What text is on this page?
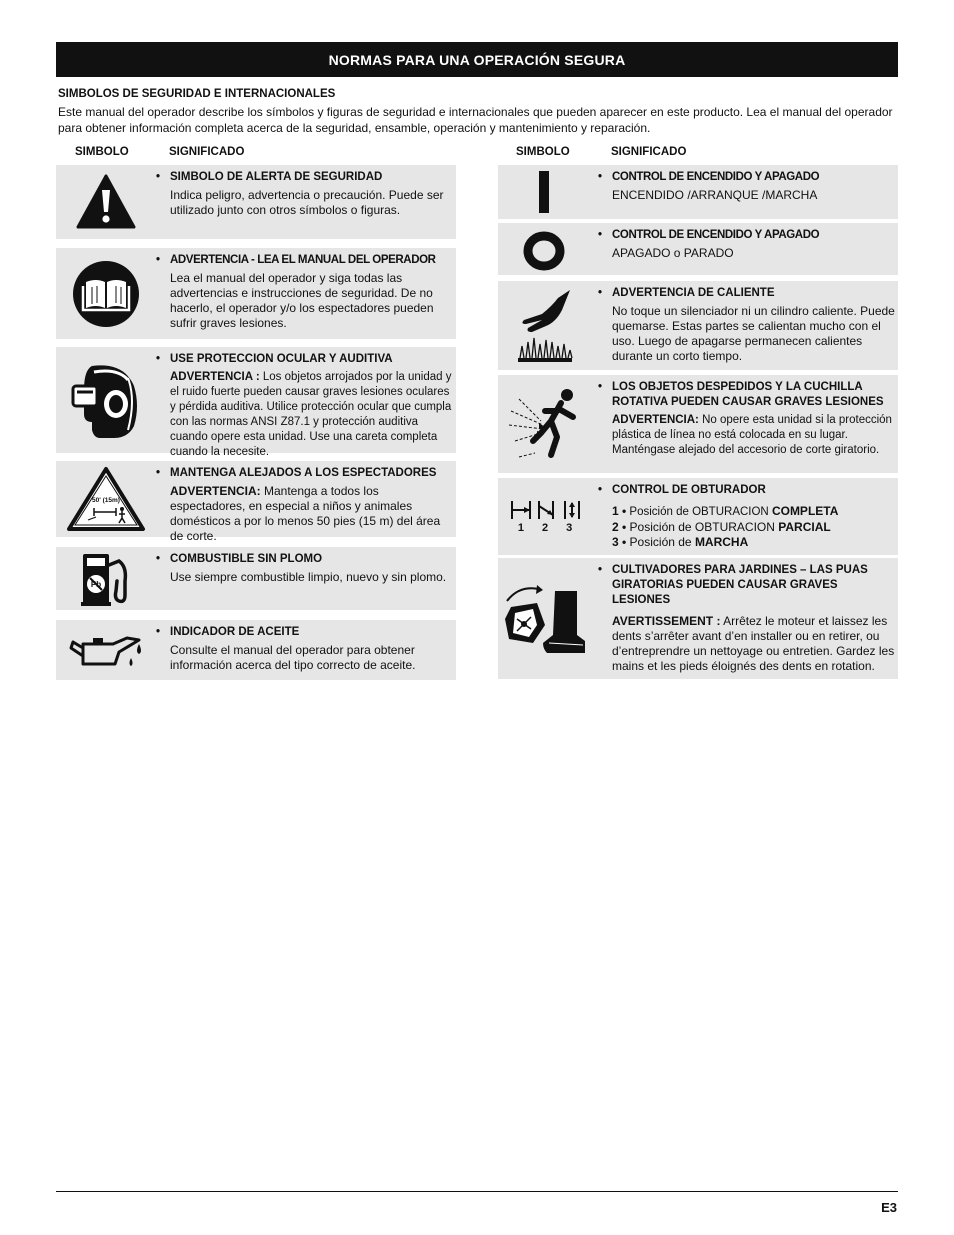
NORMAS PARA UNA OPERACIÓN SEGURA
SIMBOLOS DE SEGURIDAD E INTERNACIONALES
Este manual del operador describe los símbolos y figuras de seguridad e internacionales que pueden aparecer en este producto. Lea el manual del operador para obtener información completa acerca de la seguridad, ensamble, operación y mantenimiento y reparación.
SIMBOLO	SIGNIFICADO	SIMBOLO	SIGNIFICADO
• SIMBOLO DE ALERTA DE SEGURIDAD
Indica peligro, advertencia o precaución. Puede ser utilizado junto con otros símbolos o figuras.
• ADVERTENCIA - LEA EL MANUAL DEL OPERADOR
Lea el manual del operador y siga todas las advertencias e instrucciones de seguridad. De no hacerlo, el operador y/o los espectadores pueden sufrir graves lesiones.
• USE PROTECCION OCULAR Y AUDITIVA
ADVERTENCIA : Los objetos arrojados por la unidad y el ruido fuerte pueden causar graves lesiones oculares y pérdida auditiva. Utilice protección ocular que cumpla con las normas ANSI Z87.1 y protección auditiva cuando opere esta unidad. Use una careta completa cuando la necesite.
50' (15m)
• MANTENGA ALEJADOS A LOS ESPECTADORES
ADVERTENCIA: Mantenga a todos los espectadores, en especial a niños y animales domésticos a por lo menos 50 pies (15 m) del área de corte.
Pb
• COMBUSTIBLE SIN PLOMO
Use siempre combustible limpio, nuevo y sin plomo.
• INDICADOR DE ACEITE
Consulte el manual del operador para obtener información acerca del tipo correcto de aceite.
• CONTROL DE ENCENDIDO Y APAGADO
ENCENDIDO /ARRANQUE /MARCHA
• CONTROL DE ENCENDIDO Y APAGADO
APAGADO o PARADO
• ADVERTENCIA DE CALIENTE
No toque un silenciador ni un cilindro caliente. Puede quemarse. Estas partes se calientan mucho con el uso. Luego de apagarse permanecen calientes durante un corto tiempo.
• LOS OBJETOS DESPEDIDOS Y LA CUCHILLA ROTATIVA PUEDEN CAUSAR GRAVES LESIONES
ADVERTENCIA: No opere esta unidad si la protección plástica de línea no está colocada en su lugar. Manténgase alejado del accesorio de corte giratorio.
1 2 3
• CONTROL DE OBTURADOR
1 • Posición de OBTURACION COMPLETA
2 • Posición de OBTURACION PARCIAL
3 • Posición de MARCHA
• CULTIVADORES PARA JARDINES – LAS PUAS GIRATORIAS PUEDEN CAUSAR GRAVES LESIONES
AVERTISSEMENT : Arrêtez le moteur et laissez les dents s’arrêter avant d’en installer ou en retirer, ou d’entreprendre un nettoyage ou entretien. Gardez les mains et les pieds éloignés des dents en rotation.
E3
